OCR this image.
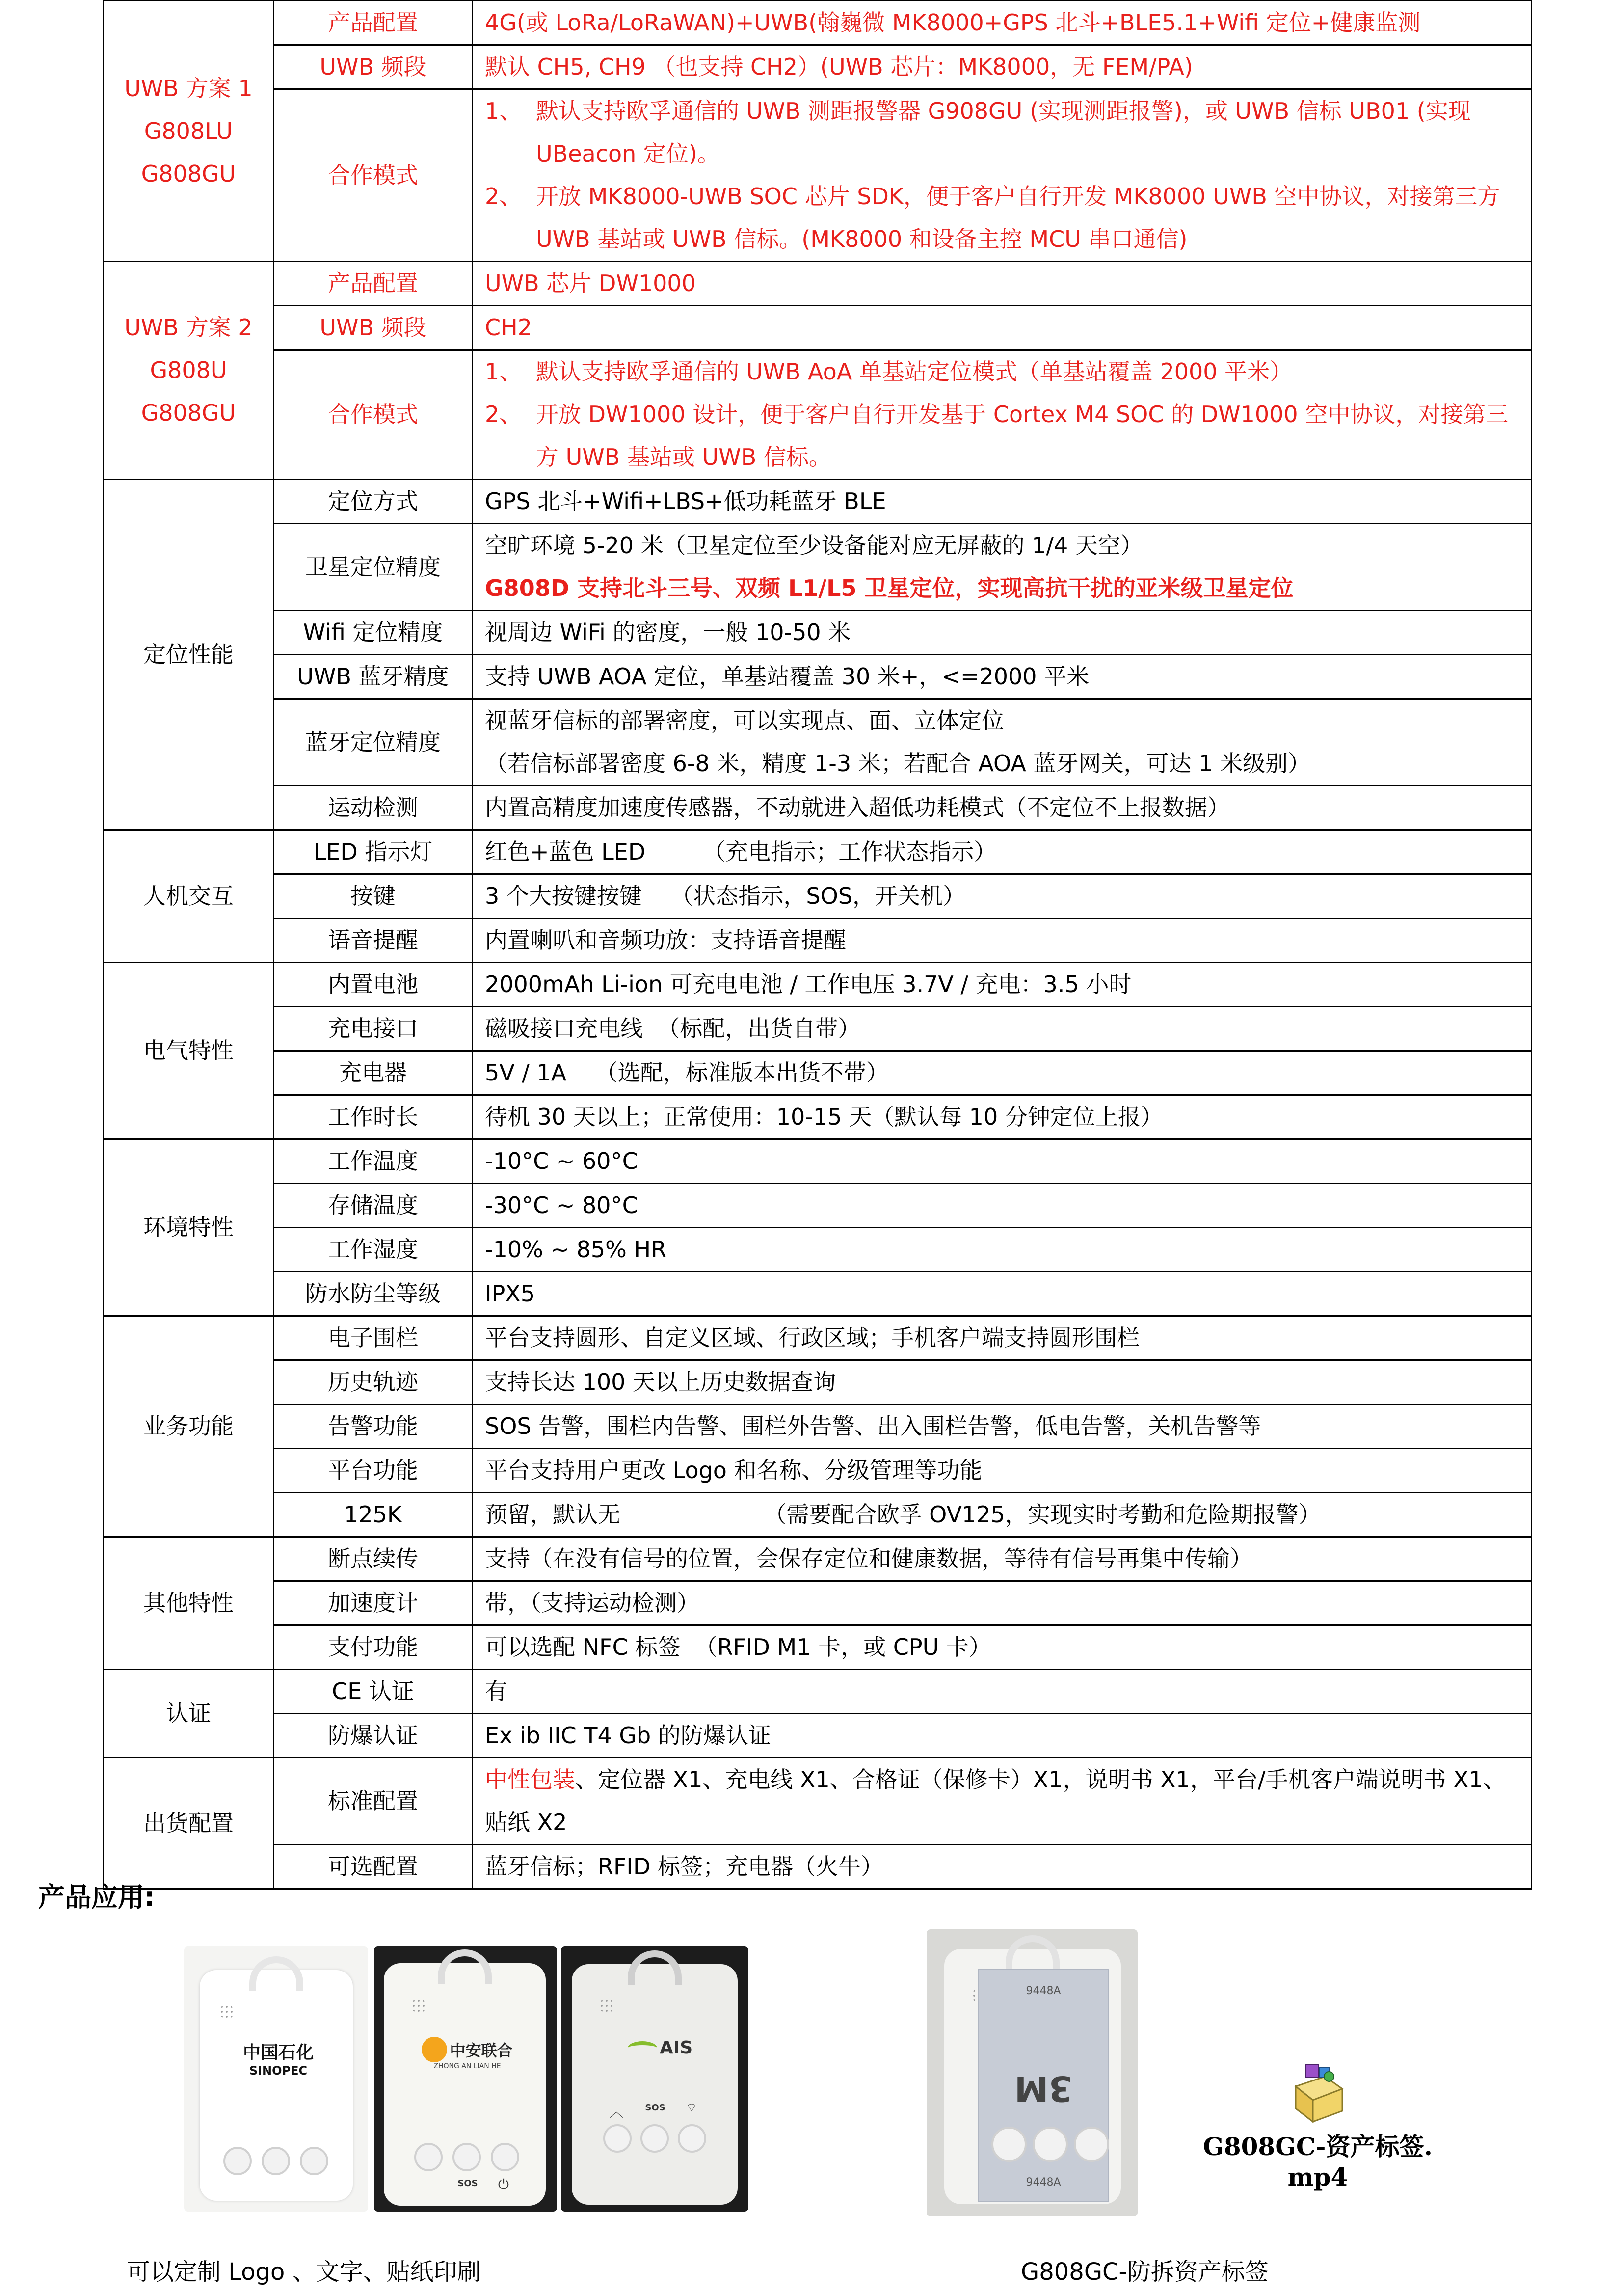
UWB 方案 1
G808LU
G808GU	产品配置	4G(或 LoRa/LoRaWAN)+UWB(翰巍微 MK8000+GPS 北斗+BLE5.1+Wifi 定位+健康监测
	UWB 频段	默认 CH5, CH9 （也支持 CH2）(UWB 芯片：MK8000，无 FEM/PA)
	合作模式	1、 默认支持欧孚通信的 UWB 测距报警器 G908GU (实现测距报警)，或 UWB 信标 UB01 (实现 UBeacon 定位)。
2、 开放 MK8000-UWB SOC 芯片 SDK，便于客户自行开发 MK8000 UWB 空中协议，对接第三方 UWB 基站或 UWB 信标。(MK8000 和设备主控 MCU 串口通信)

UWB 方案 2
G808U
G808GU	产品配置	UWB 芯片 DW1000
	UWB 频段	CH2
	合作模式	1、 默认支持欧孚通信的 UWB AoA 单基站定位模式（单基站覆盖 2000 平米）
2、 开放 DW1000 设计，便于客户自行开发基于 Cortex M4 SOC 的 DW1000 空中协议，对接第三方 UWB 基站或 UWB 信标。

定位性能	定位方式	GPS 北斗+Wifi+LBS+低功耗蓝牙 BLE
	卫星定位精度	空旷环境 5-20 米（卫星定位至少设备能对应无屏蔽的 1/4 天空）
G808D 支持北斗三号、双频 L1/L5 卫星定位，实现高抗干扰的亚米级卫星定位

	Wifi 定位精度	视周边 WiFi 的密度，一般 10-50 米
	UWB 蓝牙精度	支持 UWB AOA 定位，单基站覆盖 30 米+，<=2000 平米
	蓝牙定位精度	视蓝牙信标的部署密度，可以实现点、面、立体定位
（若信标部署密度 6-8 米，精度 1-3 米；若配合 AOA 蓝牙网关，可达 1 米级别）

	运动检测	内置高精度加速度传感器，不动就进入超低功耗模式（不定位不上报数据）
人机交互	LED 指示灯	红色+蓝色 LED        （充电指示；工作状态指示）
	按键	3 个大按键按键    （状态指示，SOS，开关机）
	语音提醒	内置喇叭和音频功放：支持语音提醒
电气特性	内置电池	2000mAh Li-ion 可充电电池 / 工作电压 3.7V / 充电：3.5 小时
	充电接口	磁吸接口充电线  （标配，出货自带）
	充电器	5V / 1A    （选配，标准版本出货不带）
	工作时长	待机 30 天以上；正常使用：10-15 天（默认每 10 分钟定位上报）
环境特性	工作温度	-10°C ~ 60°C
	存储温度	-30°C ~ 80°C
	工作湿度	-10% ~ 85% HR
	防水防尘等级	IPX5
业务功能	电子围栏	平台支持圆形、自定义区域、行政区域；手机客户端支持圆形围栏
	历史轨迹	支持长达 100 天以上历史数据查询
	告警功能	SOS 告警，围栏内告警、围栏外告警、出入围栏告警，低电告警，关机告警等
	平台功能	平台支持用户更改 Logo 和名称、分级管理等功能
	125K	预留，默认无                    （需要配合欧孚 OV125，实现实时考勤和危险期报警）
其他特性	断点续传	支持（在没有信号的位置，会保存定位和健康数据，等待有信号再集中传输）
	加速度计	带，（支持运动检测）
	支付功能	可以选配 NFC 标签  （RFID M1 卡，或 CPU 卡）
认证	CE 认证	有
	防爆认证	Ex ib IIC T4 Gb 的防爆认证
出货配置	标准配置	中性包装、定位器 X1、充电线 X1、合格证（保修卡）X1，说明书 X1，平台/手机客户端说明书 X1、贴纸 X2
	可选配置	蓝牙信标；RFID 标签；充电器（火牛）
产品应用:
中国石化
SINOPEC
中安联合
ZHONG AN LIAN HE
SOS	⏻
AIS
︿	SOS	⌔
9448A
3M
9448A
G808GC-资产标签.
mp4
可以定制 Logo 、文字、贴纸印刷	G808GC-防拆资产标签
